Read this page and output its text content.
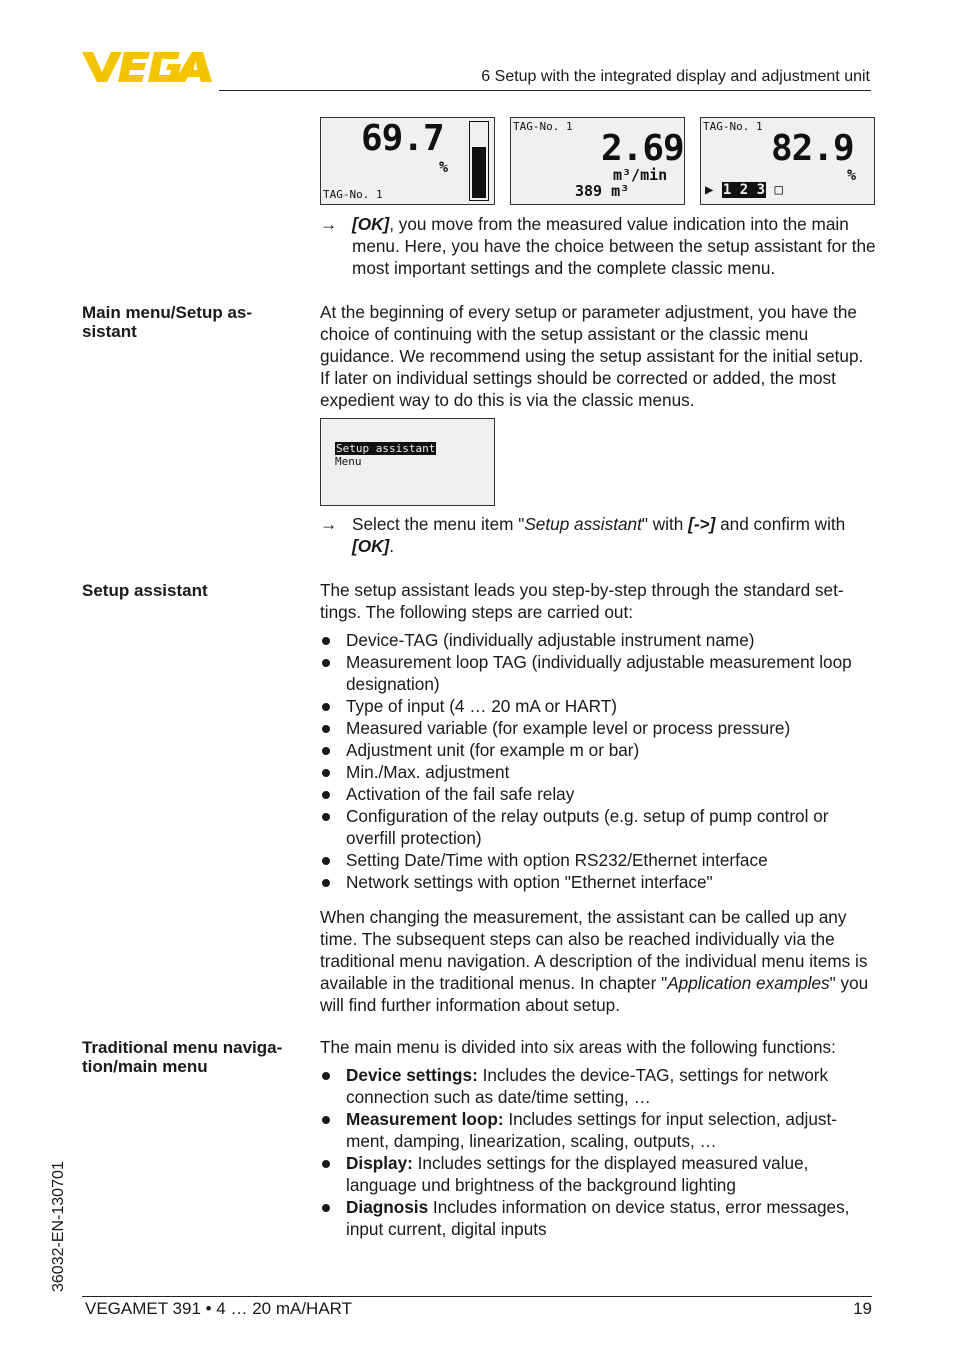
6 Setup with the integrated display and adjustment unit
69.7
%
TAG-No. 1
TAG-No. 1
2.69
m³/min
389 m³
TAG-No. 1
82.9
%
▶ 1 2 3 □
→ [OK], you move from the measured value indication into the main menu. Here, you have the choice between the setup assistant for the most important settings and the complete classic menu.
Main menu/Setup as-
sistant

At the beginning of every setup or parameter adjustment, you have the choice of continuing with the setup assistant or the classic menu guidance. We recommend using the setup assistant for the initial setup. If later on individual settings should be corrected or added, the most expedient way to do this is via the classic menus.

Setup assistant
Menu
→ Select the menu item "Setup assistant" with [->] and confirm with [OK].
Setup assistant	The setup assistant leads you step-by-step through the standard set-tings. The following steps are carried out:

Device-TAG (individually adjustable instrument name)
Measurement loop TAG (individually adjustable measurement loop designation)
Type of input (4 … 20 mA or HART)
Measured variable (for example level or process pressure)
Adjustment unit (for example m or bar)
Min./Max. adjustment
Activation of the fail safe relay
Configuration of the relay outputs (e.g. setup of pump control or overfill protection)
Setting Date/Time with option RS232/Ethernet interface
Network settings with option "Ethernet interface"

When changing the measurement, the assistant can be called up any time. The subsequent steps can also be reached individually via the traditional menu navigation. A description of the individual menu items is available in the traditional menus. In chapter "Application examples" you will find further information about setup.

Traditional menu naviga-
tion/main menu

The main menu is divided into six areas with the following functions:

Device settings: Includes the device-TAG, settings for network connection such as date/time setting, …
Measurement loop: Includes settings for input selection, adjust-ment, damping, linearization, scaling, outputs, …
Display: Includes settings for the displayed measured value, language und brightness of the background lighting
Diagnosis Includes information on device status, error messages, input current, digital inputs
36032-EN-130701
VEGAMET 391 • 4 … 20 mA/HART	19
